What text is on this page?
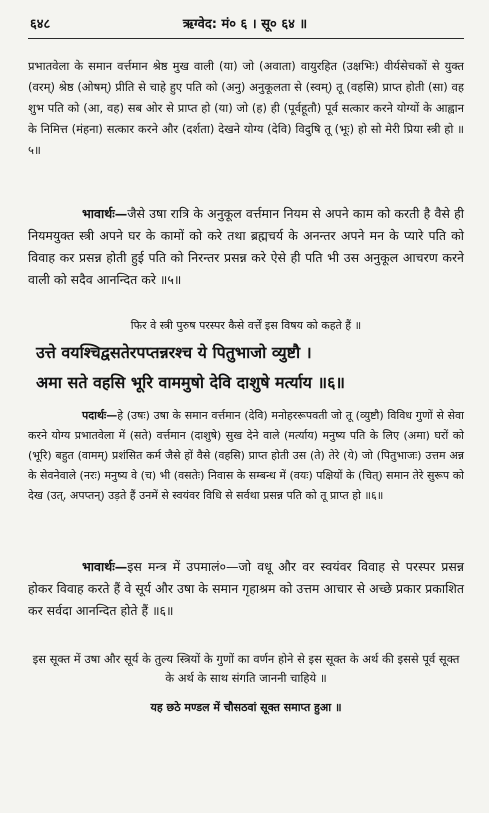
६४८	ऋग्वेद: मं० ६ । सू० ६४ ॥

प्रभातवेला के समान वर्त्तमान श्रेष्ठ मुख वाली (या) जो (अवाता) वायुरहित (उक्षभिः) वीर्यसेचकों से युक्त (वरम्) श्रेष्ठ (ओषम्) प्रीति से चाहे हुए पति को (अनु) अनुकूलता से (स्वम्) तू (वहसि) प्राप्त होती (सा) वह शुभ पति को (आ, वह) सब ओर से प्राप्त हो (या) जो (ह) ही (पूर्वहूतौ) पूर्व सत्कार करने योग्यों के आह्वान के निमित्त (मंहना) सत्कार करने और (दर्शता) देखने योग्य (देवि) विदुषि तू (भूः) हो सो मेरी प्रिया स्त्री हो ॥५॥

भावार्थः—जैसे उषा रात्रि के अनुकूल वर्त्तमान नियम से अपने काम को करती है वैसे ही नियमयुक्त स्त्री अपने घर के कामों को करे तथा ब्रह्मचर्य के अनन्तर अपने मन के प्यारे पति को विवाह कर प्रसन्न होती हुई पति को निरन्तर प्रसन्न करे ऐसे ही पति भी उस अनुकूल आचरण करने वाली को सदैव आनन्दित करे ॥५॥

फिर वे स्त्री पुरुष परस्पर कैसे वर्त्तें इस विषय को कहते हैं ॥

उत्ते वयश्चिद्वसतेरपप्तन्नरश्च ये पितुभाजो व्युष्टौ ।

अमा सते वहसि भूरि वाममुषो देवि दाशुषे मर्त्याय ॥६॥

पदार्थः—हे (उषः) उषा के समान वर्त्तमान (देवि) मनोहररूपवती जो तू (व्युष्टौ) विविध गुणों से सेवा करने योग्य प्रभातवेला में (सते) वर्त्तमान (दाशुषे) सुख देने वाले (मर्त्याय) मनुष्य पति के लिए (अमा) घरों को (भूरि) बहुत (वामम्) प्रशंसित कर्म जैसे हों वैसे (वहसि) प्राप्त होती उस (ते) तेरे (ये) जो (पितुभाजः) उत्तम अन्न के सेवनेवाले (नरः) मनुष्य वे (च) भी (वसतेः) निवास के सम्बन्ध में (वयः) पक्षियों के (चित्) समान तेरे सुरूप को देख (उत्, अपप्तन्) उड़ते हैं उनमें से स्वयंवर विधि से सर्वथा प्रसन्न पति को तू प्राप्त हो ॥६॥

भावार्थः—इस मन्त्र में उपमालं०—जो वधू और वर स्वयंवर विवाह से परस्पर प्रसन्न होकर विवाह करते हैं वे सूर्य और उषा के समान गृहाश्रम को उत्तम आचार से अच्छे प्रकार प्रकाशित कर सर्वदा आनन्दित होते हैं ॥६॥

इस सूक्त में उषा और सूर्य के तुल्य स्त्रियों के गुणों का वर्णन होने से इस सूक्त के अर्थ की इससे पूर्व सूक्त के अर्थ के साथ संगति जाननी चाहिये ॥

यह छठे मण्डल में चौसठवां सूक्त समाप्त हुआ ॥
